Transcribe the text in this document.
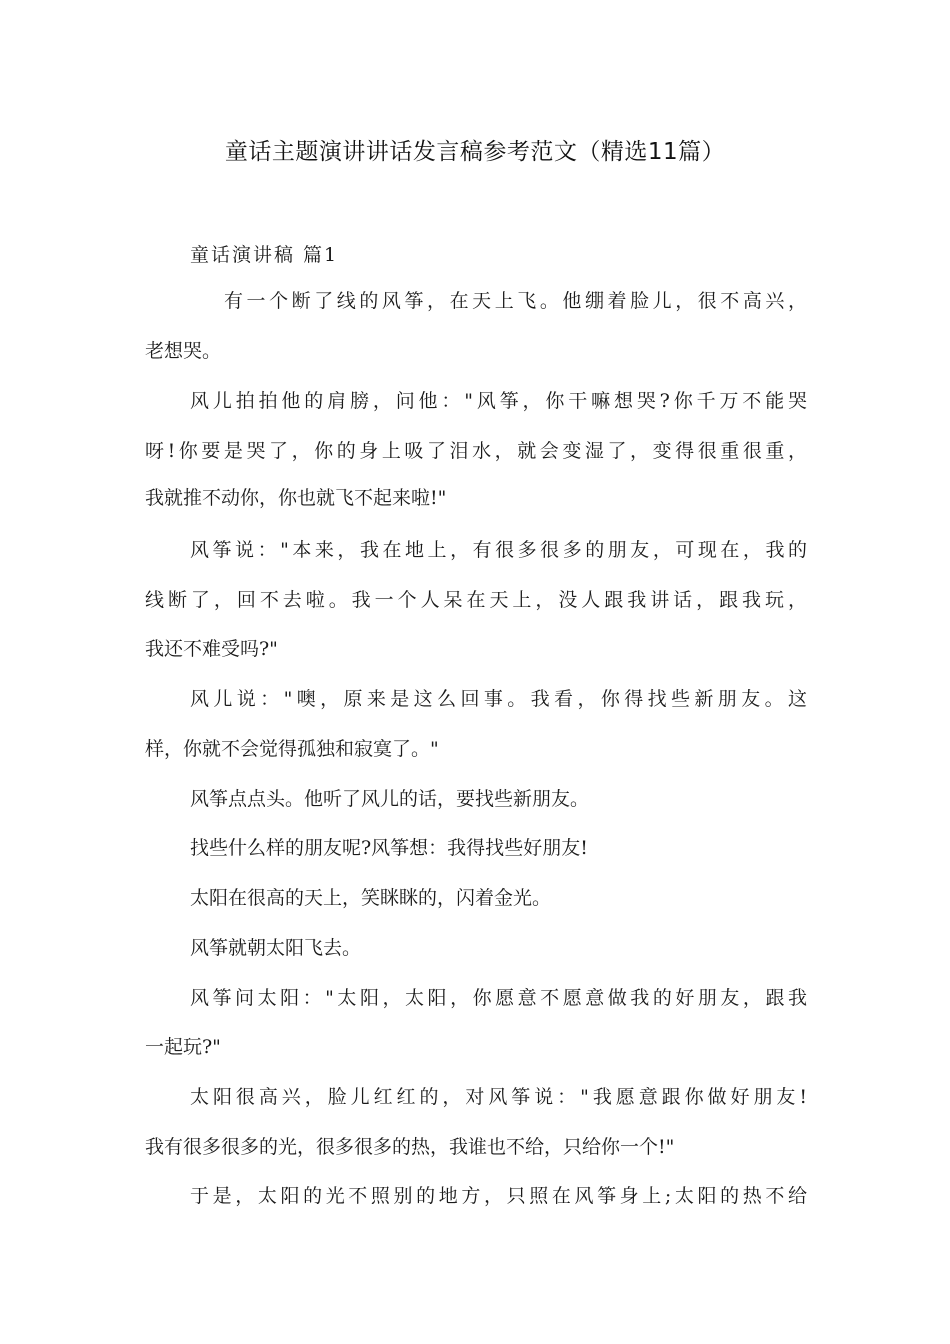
童话主题演讲讲话发言稿参考范文（精选11篇）
童话演讲稿 篇1
有一个断了线的风筝，在天上飞。他绷着脸儿，很不高兴，
老想哭。
风儿拍拍他的肩膀，问他："风筝，你干嘛想哭?你千万不能哭
呀!你要是哭了，你的身上吸了泪水，就会变湿了，变得很重很重，
我就推不动你，你也就飞不起来啦!"
风筝说："本来，我在地上，有很多很多的朋友，可现在，我的
线断了，回不去啦。我一个人呆在天上，没人跟我讲话，跟我玩，
我还不难受吗?"
风儿说："噢，原来是这么回事。我看，你得找些新朋友。这
样，你就不会觉得孤独和寂寞了。"
风筝点点头。他听了风儿的话，要找些新朋友。
找些什么样的朋友呢?风筝想：我得找些好朋友!
太阳在很高的天上，笑眯眯的，闪着金光。
风筝就朝太阳飞去。
风筝问太阳："太阳，太阳，你愿意不愿意做我的好朋友，跟我
一起玩?"
太阳很高兴，脸儿红红的，对风筝说："我愿意跟你做好朋友!
我有很多很多的光，很多很多的热，我谁也不给，只给你一个!"
于是，太阳的光不照别的地方，只照在风筝身上;太阳的热不给
